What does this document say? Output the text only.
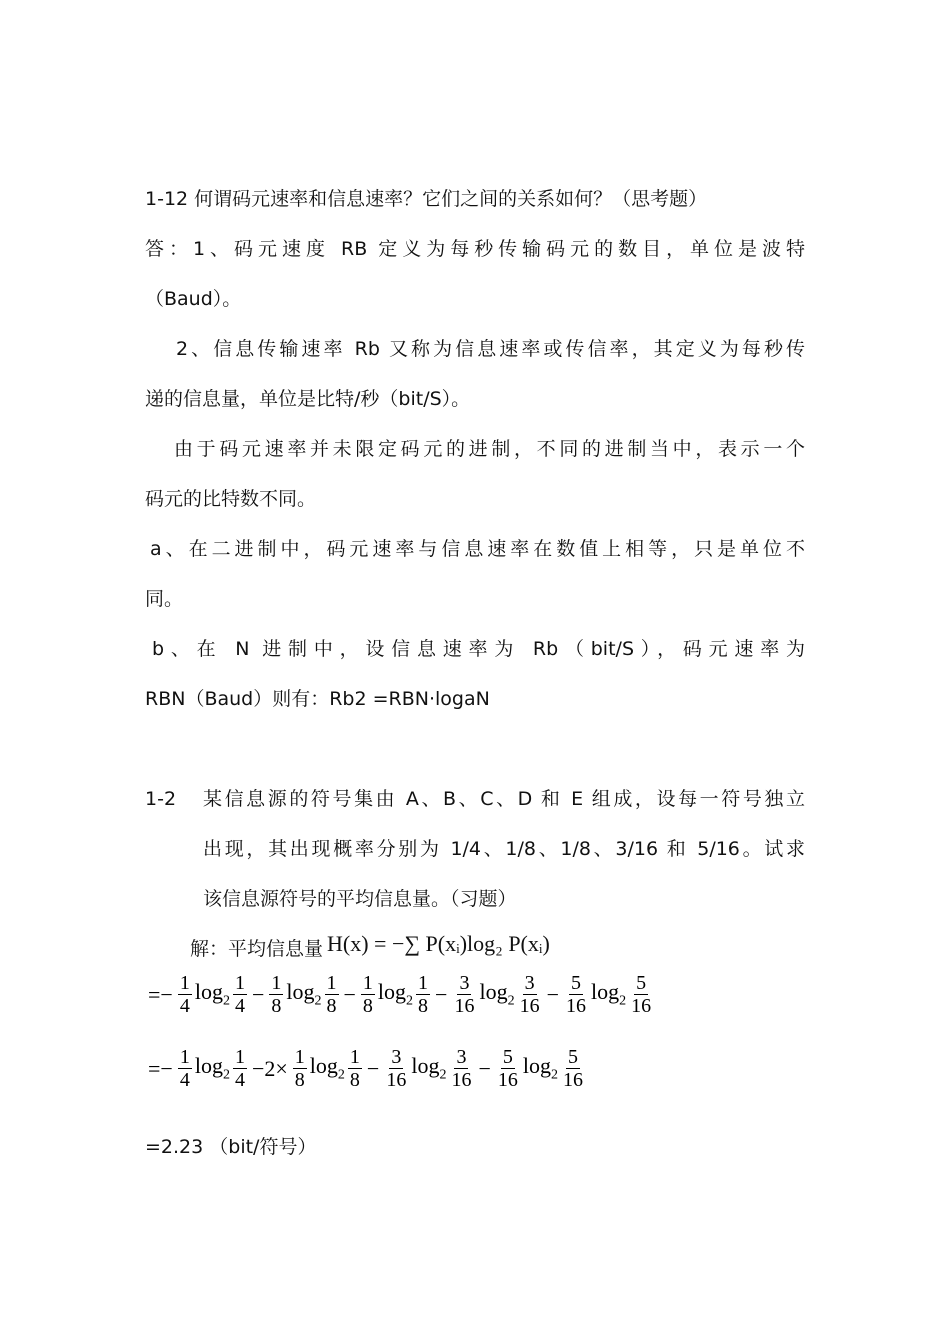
1-12 何谓码元速率和信息速率？它们之间的关系如何？（思考题）
答：1、码元速度 RB 定义为每秒传输码元的数目，单位是波特
（Baud）。
2、信息传输速率 Rb 又称为信息速率或传信率，其定义为每秒传
递的信息量，单位是比特/秒（bit/S）。
由于码元速率并未限定码元的进制，不同的进制当中，表示一个
码元的比特数不同。
a、在二进制中，码元速率与信息速率在数值上相等，只是单位不
同。
b、在 N 进制中，设信息速率为 Rb（bit/S），码元速率为
RBN（Baud）则有：Rb2 =RBN·logaN
1-2	某信息源的符号集由 A、B、C、D 和 E 组成，设每一符号独立
出现，其出现概率分别为 1/4、1/8、1/8、3/16 和 5/16。试求
该信息源符号的平均信息量。（习题）
解：平均信息量 H(x) = −∑ P(xᵢ)log₂ P(xᵢ)
=− $\frac{1}{4} \log_2 \frac{1}{4} - \frac{1}{8} \log_2 \frac{1}{8} - \frac{1}{8} \log_2 \frac{1}{8} - \frac{3}{16} \log_2 \frac{3}{16} - \frac{5}{16} \log_2 \frac{5}{16}$
=− $\frac{1}{4} \log_2 \frac{1}{4} -2\times \frac{1}{8} \log_2 \frac{1}{8} - \frac{3}{16} \log_2 \frac{3}{16} - \frac{5}{16} \log_2 \frac{5}{16}$
=2.23 （bit/符号）
